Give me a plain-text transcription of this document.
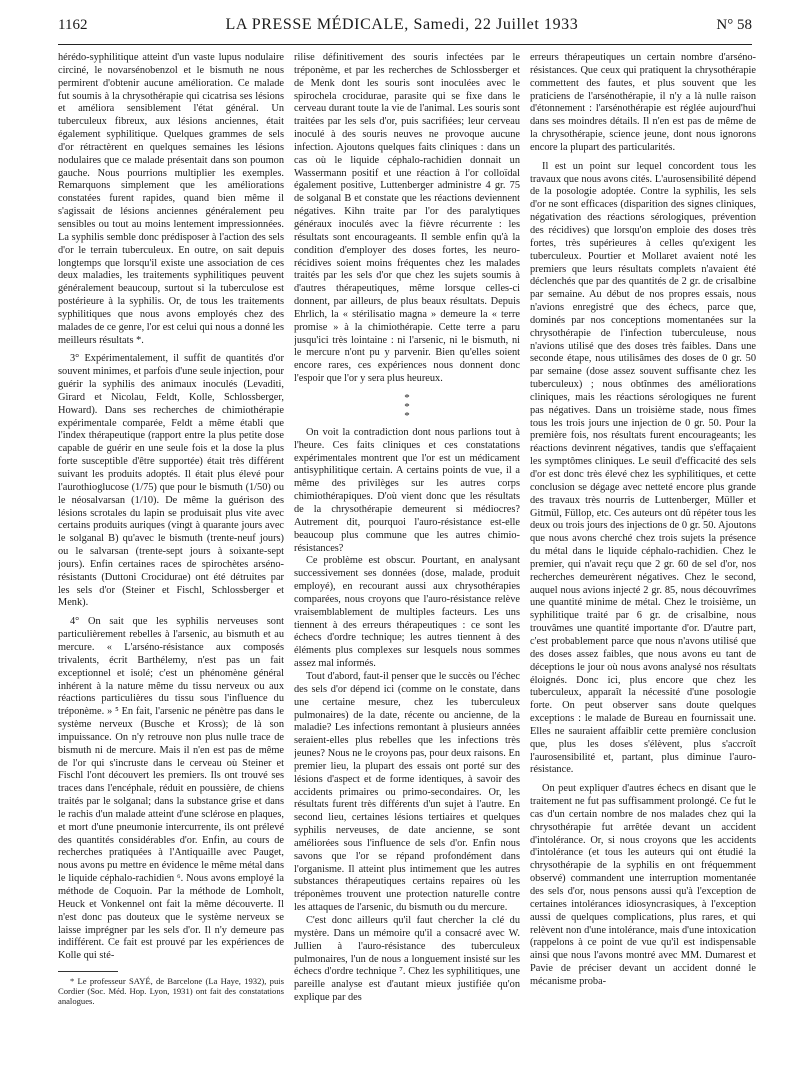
1162	LA PRESSE MÉDICALE, Samedi, 22 Juillet 1933	N° 58

hérédo-syphilitique atteint d'un vaste lupus nodulaire circiné, le novarsénobenzol et le bismuth ne nous permirent d'obtenir aucune amélioration. Ce malade fut soumis à la chrysothérapie qui cicatrisa ses lésions et améliora sensiblement l'état général. Un tuberculeux fibreux, aux lésions anciennes, était également syphilitique. Quelques grammes de sels d'or rétractèrent en quelques semaines les lésions nodulaires que ce malade présentait dans son poumon gauche. Nous pourrions multiplier les exemples. Remarquons simplement que les améliorations constatées furent rapides, quand bien même il s'agissait de lésions anciennes généralement peu sensibles ou tout au moins lentement impressionnées. La syphilis semble donc prédisposer à l'action des sels d'or le terrain tuberculeux. En outre, on sait depuis longtemps que lorsqu'il existe une association de ces deux maladies, les traitements syphilitiques peuvent généralement beaucoup, surtout si la tuberculose est postérieure à la syphilis. Or, de tous les traitements syphilitiques que nous avons employés chez des malades de ce genre, l'or est celui qui nous a donné les meilleurs résultats *.

3° Expérimentalement, il suffit de quantités d'or souvent minimes, et parfois d'une seule injection, pour guérir la syphilis des animaux inoculés (Levaditi, Girard et Nicolau, Feldt, Kolle, Schlossberger, Howard). Dans ses recherches de chimiothérapie expérimentale comparée, Feldt a même établi que l'index thérapeutique (rapport entre la plus petite dose capable de guérir en une seule fois et la dose la plus forte susceptible d'être supportée) était très différent suivant les produits adoptés. Il était plus élevé pour l'aurothioglucose (1/75) que pour le bismuth (1/50) ou le néosalvarsan (1/10). De même la guérison des lésions scrotales du lapin se produisait plus vite avec certains produits auriques (vingt à quarante jours avec le solganal B) qu'avec le bismuth (trente-neuf jours) ou le salvarsan (trente-sept jours à soixante-sept jours). Enfin certaines races de spirochètes arséno-résistants (Duttoni Crocidurae) ont été détruites par les sels d'or (Steiner et Fischl, Schlossberger et Menk).

4° On sait que les syphilis nerveuses sont particulièrement rebelles à l'arsenic, au bismuth et au mercure. « L'arséno-résistance aux composés trivalents, écrit Barthélemy, n'est pas un fait exceptionnel et isolé; c'est un phénomène général inhérent à la nature même du tissu nerveux ou aux réactions particulières du tissu sous l'influence du tréponème. » ⁵ En fait, l'arsenic ne pénètre pas dans le système nerveux (Busche et Kross); de là son impuissance. On n'y retrouve non plus nulle trace de bismuth ni de mercure. Mais il n'en est pas de même de l'or qui s'incruste dans le cerveau où Steiner et Fischl l'ont découvert les premiers. Ils ont trouvé ses traces dans l'encéphale, réduit en poussière, de chiens traités par le solganal; dans la substance grise et dans le rachis d'un malade atteint d'une sclérose en plaques, et mort d'une pneumonie intercurrente, ils ont prélevé des quantités considérables d'or. Enfin, au cours de recherches pratiquées à l'Antiquaille avec Pauget, nous avons pu mettre en évidence le même métal dans le liquide céphalo-rachidien ⁶. Nous avons employé la méthode de Coquoin. Par la méthode de Lomholt, Heuck et Vonkennel ont fait la même découverte. Il n'est donc pas douteux que le système nerveux se laisse imprégner par les sels d'or. Il n'y demeure pas indifférent. Ce fait est prouvé par les expériences de Kolle qui sté-

* Le professeur SAYÉ, de Barcelone (La Haye, 1932), puis Cordier (Soc. Méd. Hop. Lyon, 1931) ont fait des constatations analogues.

rilise définitivement des souris infectées par le tréponème, et par les recherches de Schlossberger et de Menk dont les souris sont inoculées avec le spirochela crocidurae, parasite qui se fixe dans le cerveau durant toute la vie de l'animal. Les souris sont traitées par les sels d'or, puis sacrifiées; leur cerveau inoculé à des souris neuves ne provoque aucune infection. Ajoutons quelques faits cliniques : dans un cas où le liquide céphalo-rachidien donnait un Wassermann positif et une réaction à l'or colloïdal également positive, Luttenberger administre 4 gr. 75 de solganal B et constate que les réactions deviennent négatives. Kihn traite par l'or des paralytiques généraux inoculés avec la fièvre récurrente : les résultats sont encourageants. Il semble enfin qu'à la condition d'employer des doses fortes, les neuro-récidives soient moins fréquentes chez les malades traités par les sels d'or que chez les sujets soumis à d'autres thérapeutiques, même lorsque celles-ci donnent, par ailleurs, de plus beaux résultats. Depuis Ehrlich, la « stérilisatio magna » demeure la « terre promise » à la chimiothérapie. Cette terre a paru jusqu'ici très lointaine : ni l'arsenic, ni le bismuth, ni le mercure n'ont pu y parvenir. Bien qu'elles soient encore rares, ces expériences nous donnent donc l'espoir que l'or y sera plus heureux.

*
*
*

On voit la contradiction dont nous parlions tout à l'heure. Ces faits cliniques et ces constatations expérimentales montrent que l'or est un médicament antisyphilitique certain. A certains points de vue, il a même des privilèges sur les autres corps chimiothérapiques. D'où vient donc que les résultats de la chrysothérapie demeurent si médiocres? Autrement dit, pourquoi l'auro-résistance est-elle beaucoup plus commune que les autres chimio-résistances?

Ce problème est obscur. Pourtant, en analysant successivement ses données (dose, malade, produit employé), en recourant aussi aux chrysothérapies comparées, nous croyons que l'auro-résistance relève vraisemblablement de multiples facteurs. Les uns tiennent à des erreurs thérapeutiques : ce sont les échecs d'ordre technique; les autres tiennent à des éléments plus complexes sur lesquels nous sommes assez mal informés.

Tout d'abord, faut-il penser que le succès ou l'échec des sels d'or dépend ici (comme on le constate, dans une certaine mesure, chez les tuberculeux pulmonaires) de la date, récente ou ancienne, de la maladie? Les infections remontant à plusieurs années seraient-elles plus rebelles que les infections très jeunes? Nous ne le croyons pas, pour deux raisons. En premier lieu, la plupart des essais ont porté sur des lésions d'aspect et de forme identiques, à savoir des accidents primaires ou primo-secondaires. Or, les résultats furent très différents d'un sujet à l'autre. En second lieu, certaines lésions tertiaires et quelques syphilis nerveuses, de date ancienne, se sont améliorées sous l'influence de sels d'or. Enfin nous savons que l'or se répand profondément dans l'organisme. Il atteint plus intimement que les autres substances thérapeutiques certains repaires où les tréponèmes trouvent une protection naturelle contre les attaques de l'arsenic, du bismuth ou du mercure.

C'est donc ailleurs qu'il faut chercher la clé du mystère. Dans un mémoire qu'il a consacré avec W. Jullien à l'auro-résistance des tuberculeux pulmonaires, l'un de nous a longuement insisté sur les échecs d'ordre technique ⁷. Chez les syphilitiques, une pareille analyse est d'autant mieux justifiée qu'on explique par des

erreurs thérapeutiques un certain nombre d'arséno-résistances. Que ceux qui pratiquent la chrysothérapie commettent des fautes, et plus souvent que les praticiens de l'arsénothérapie, il n'y a là nulle raison d'étonnement : l'arsénothérapie est réglée aujourd'hui dans ses moindres détails. Il n'en est pas de même de la chrysothérapie, science jeune, dont nous ignorons encore la plupart des particularités.

Il est un point sur lequel concordent tous les travaux que nous avons cités. L'aurosensibilité dépend de la posologie adoptée. Contre la syphilis, les sels d'or ne sont efficaces (disparition des signes cliniques, négativation des réactions sérologiques, prévention des récidives) que lorsqu'on emploie des doses très fortes, très supérieures à celles qu'exigent les tuberculeux. Pourtier et Mollaret avaient noté les premiers que leurs résultats complets n'avaient été déclenchés que par des quantités de 2 gr. de crisalbine par semaine. Au début de nos propres essais, nous n'avions enregistré que des échecs, parce que, dominés par nos conceptions momentanées sur la chrysothérapie de l'infection tuberculeuse, nous n'avions utilisé que des doses très faibles. Dans une seconde étape, nous utilisâmes des doses de 0 gr. 50 par semaine (dose assez souvent suffisante chez les tuberculeux) ; nous obtînmes des améliorations cliniques, mais les réactions sérologiques ne furent pas négatives. Dans un troisième stade, nous fîmes tous les trois jours une injection de 0 gr. 50. Pour la première fois, nos résultats furent encourageants; les réactions devinrent négatives, tandis que s'effaçaient les symptômes cliniques. Le seuil d'efficacité des sels d'or est donc très élevé chez les syphilitiques, et cette conclusion se dégage avec netteté encore plus grande des travaux très nourris de Luttenberger, Müller et Gitmül, Füllop, etc. Ces auteurs ont dû répéter tous les deux ou trois jours des injections de 0 gr. 50. Ajoutons que nous avons cherché chez trois sujets la présence du métal dans le liquide céphalo-rachidien. Chez le premier, qui n'avait reçu que 2 gr. 60 de sel d'or, nos recherches demeurèrent négatives. Chez le second, auquel nous avions injecté 2 gr. 85, nous découvrîmes une quantité minime de métal. Chez le troisième, un syphilitique traité par 6 gr. de crisalbine, nous trouvâmes une quantité importante d'or. D'autre part, c'est probablement parce que nous n'avons utilisé que des doses assez faibles, que nous avons eu tant de déceptions le jour où nous avons analysé nos résultats éloignés. Donc ici, plus encore que chez les tuberculeux, apparaît la nécessité d'une posologie forte. On peut observer sans doute quelques exceptions : le malade de Bureau en fournissait une. Elles ne sauraient affaiblir cette première conclusion que, plus les doses s'élèvent, plus s'accroît l'aurosensibilité et, partant, plus diminue l'auro-résistance.

On peut expliquer d'autres échecs en disant que le traitement ne fut pas suffisamment prolongé. Ce fut le cas d'un certain nombre de nos malades chez qui la chrysothérapie fut arrêtée devant un accident d'intolérance. Or, si nous croyons que les accidents d'intolérance (et tous les auteurs qui ont étudié la chrysothérapie de la syphilis en ont fréquemment observé) commandent une interruption momentanée des sels d'or, nous pensons aussi qu'à l'exception de certaines intolérances idiosyncrasiques, à l'exception aussi de quelques complications, plus rares, et qui relèvent non d'une intolérance, mais d'une intoxication (rappelons à ce point de vue qu'il est indispensable ainsi que nous l'avons montré avec MM. Dumarest et Pavie de préciser devant un accident donné le mécanisme proba-
